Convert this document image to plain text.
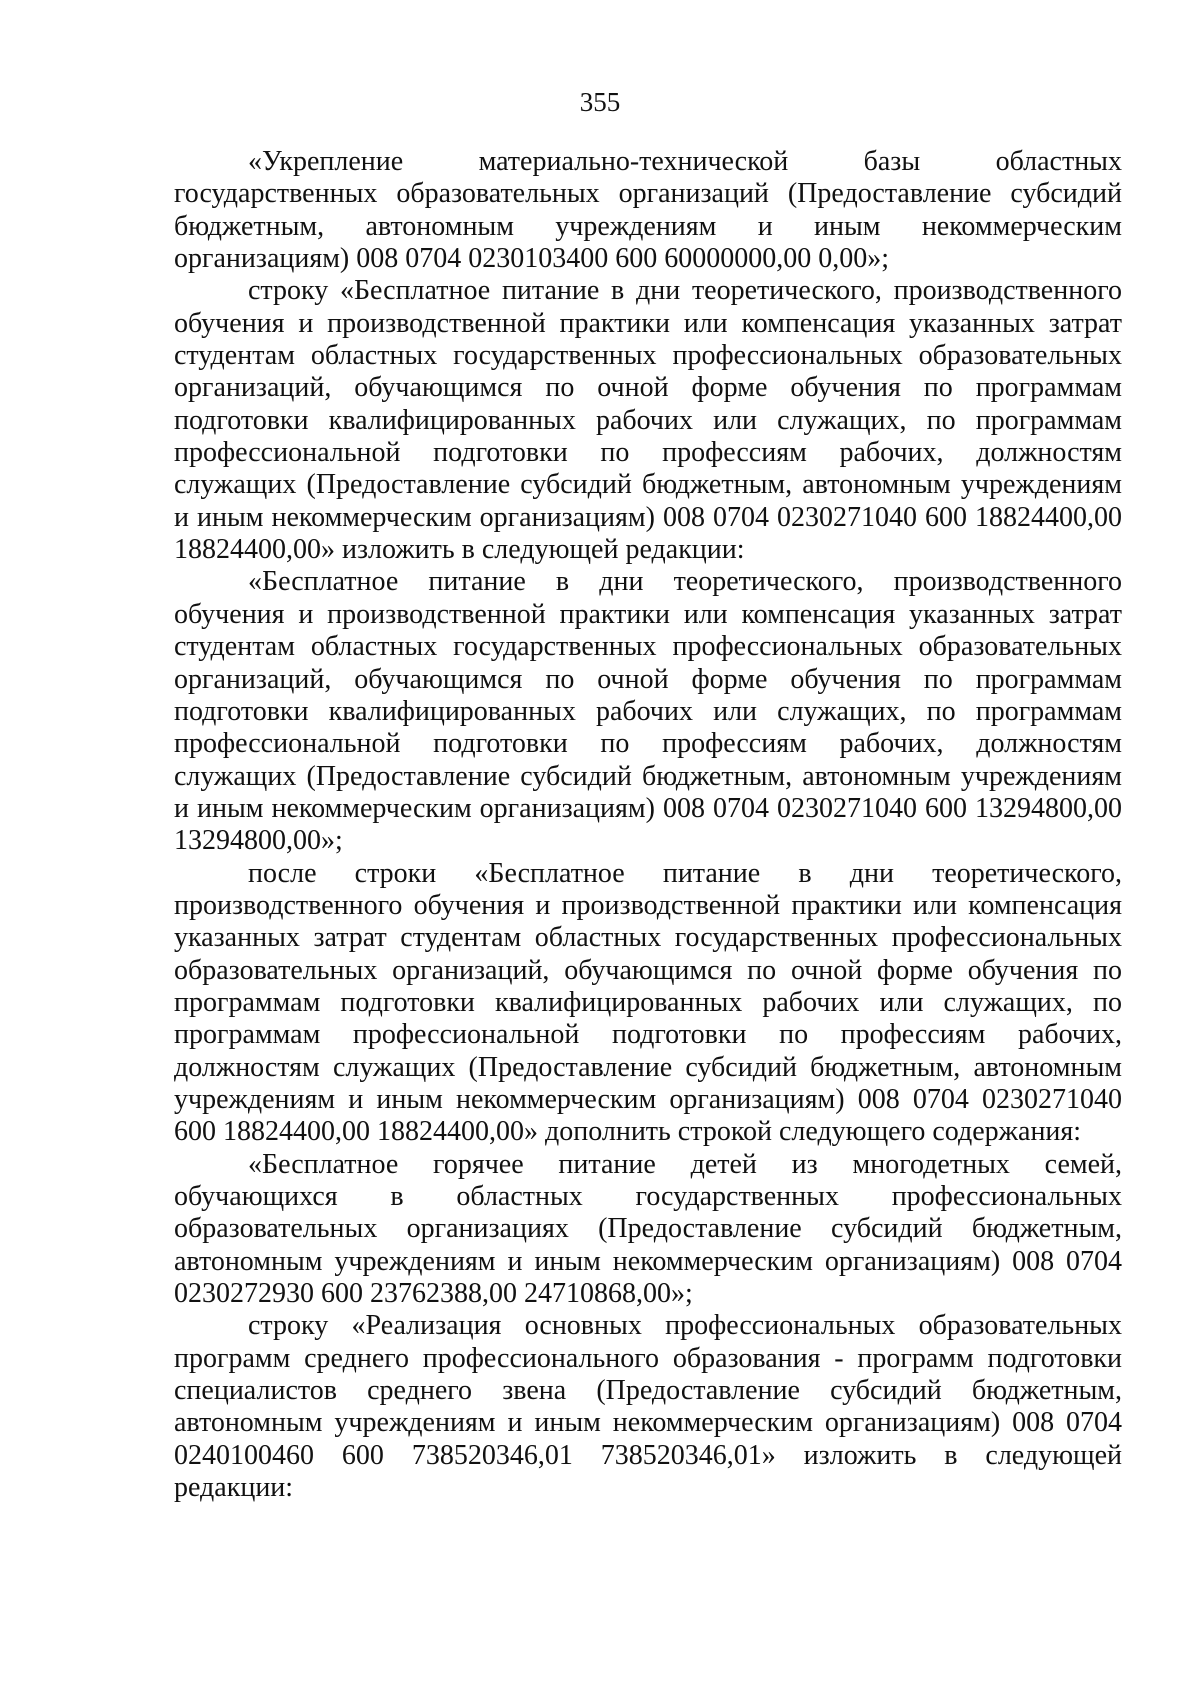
355

«Укрепление материально-технической базы областных государственных образовательных организаций (Предоставление субсидий бюджетным, автономным учреждениям и иным некоммерческим организациям) 008 0704 0230103400 600 60000000,00 0,00»;

строку «Бесплатное питание в дни теоретического, производственного обучения и производственной практики или компенсация указанных затрат студентам областных государственных профессиональных образовательных организаций, обучающимся по очной форме обучения по программам подготовки квалифицированных рабочих или служащих, по программам профессиональной подготовки по профессиям рабочих, должностям служащих (Предоставление субсидий бюджетным, автономным учреждениям и иным некоммерческим организациям) 008 0704 0230271040 600 18824400,00 18824400,00» изложить в следующей редакции:

«Бесплатное питание в дни теоретического, производственного обучения и производственной практики или компенсация указанных затрат студентам областных государственных профессиональных образовательных организаций, обучающимся по очной форме обучения по программам подготовки квалифицированных рабочих или служащих, по программам профессиональной подготовки по профессиям рабочих, должностям служащих (Предоставление субсидий бюджетным, автономным учреждениям и иным некоммерческим организациям) 008 0704 0230271040 600 13294800,00 13294800,00»;

после строки «Бесплатное питание в дни теоретического, производственного обучения и производственной практики или компенсация указанных затрат студентам областных государственных профессиональных образовательных организаций, обучающимся по очной форме обучения по программам подготовки квалифицированных рабочих или служащих, по программам профессиональной подготовки по профессиям рабочих, должностям служащих (Предоставление субсидий бюджетным, автономным учреждениям и иным некоммерческим организациям) 008 0704 0230271040 600 18824400,00 18824400,00» дополнить строкой следующего содержания:

«Бесплатное горячее питание детей из многодетных семей, обучающихся в областных государственных профессиональных образовательных организациях (Предоставление субсидий бюджетным, автономным учреждениям и иным некоммерческим организациям) 008 0704 0230272930 600 23762388,00 24710868,00»;

строку «Реализация основных профессиональных образовательных программ среднего профессионального образования - программ подготовки специалистов среднего звена (Предоставление субсидий бюджетным, автономным учреждениям и иным некоммерческим организациям) 008 0704 0240100460 600 738520346,01 738520346,01» изложить в следующей редакции:
